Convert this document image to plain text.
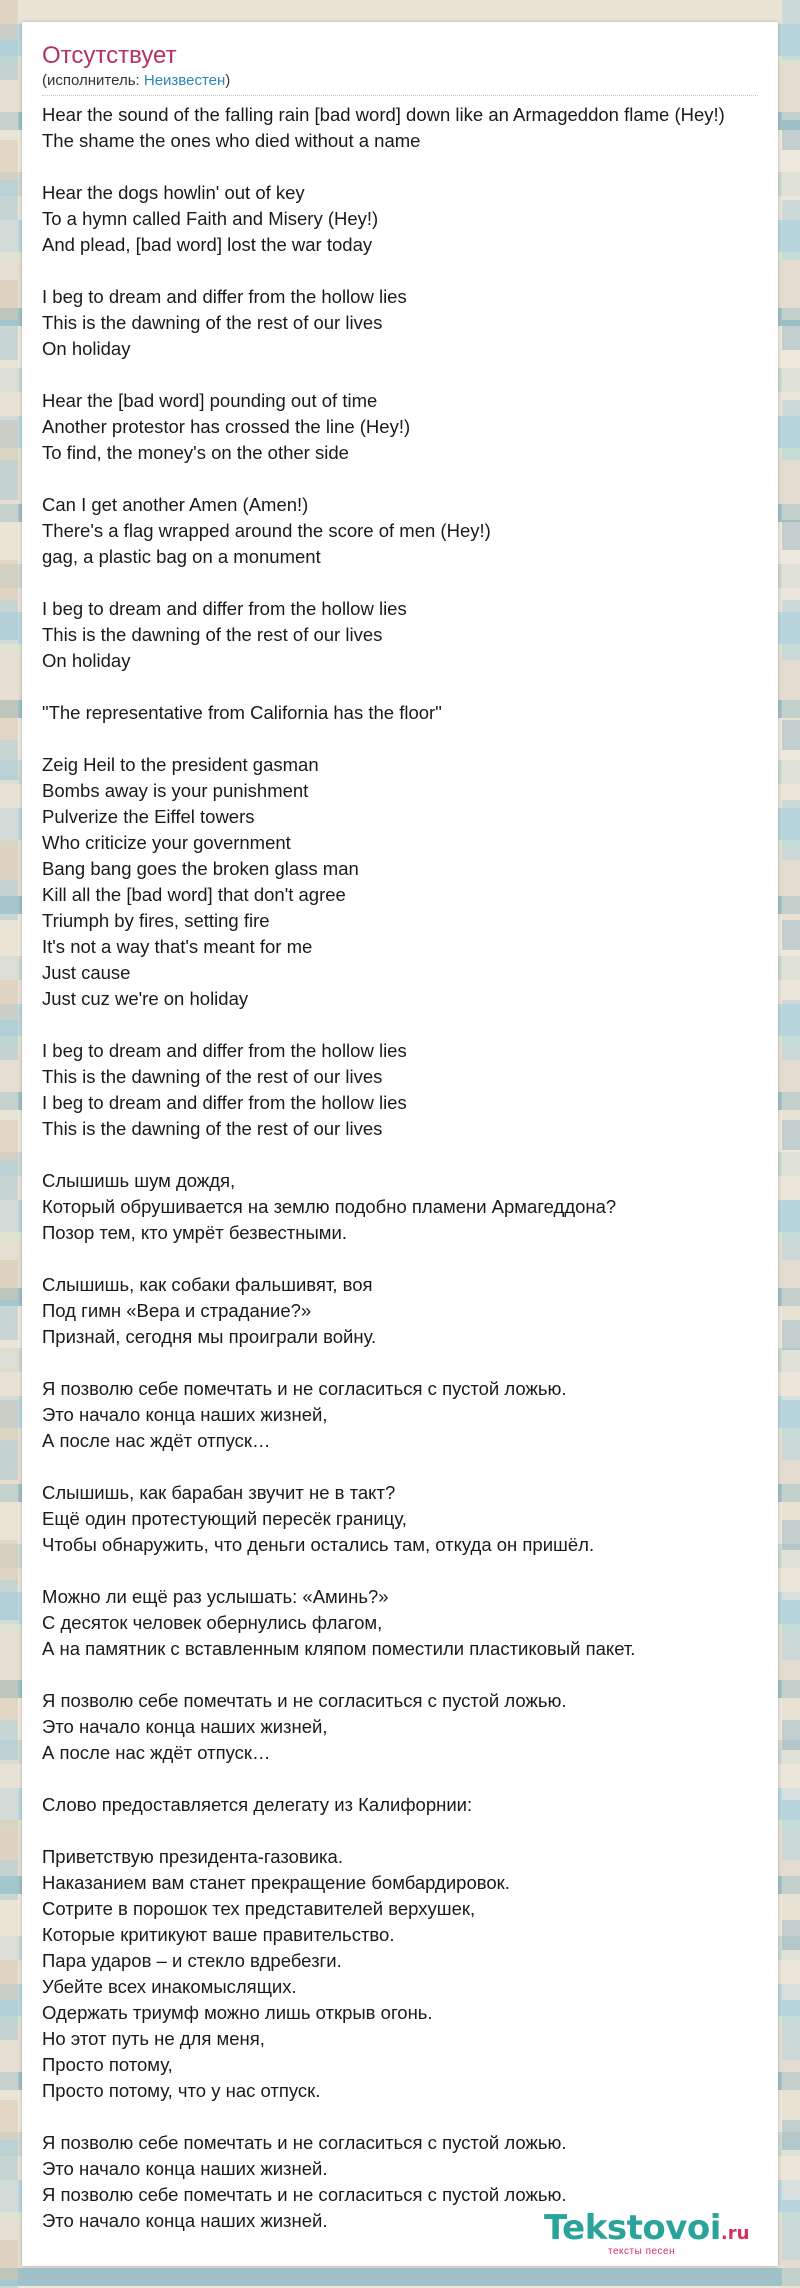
Отсутствует
(исполнитель: Неизвестен)
Hear the sound of the falling rain [bad word] down like an Armageddon flame (Hey!)
The shame the ones who died without a name
Hear the dogs howlin' out of key
To a hymn called Faith and Misery (Hey!)
And plead, [bad word] lost the war today
I beg to dream and differ from the hollow lies
This is the dawning of the rest of our lives
On holiday
Hear the [bad word] pounding out of time
Another protestor has crossed the line (Hey!)
To find, the money's on the other side
Can I get another Amen (Amen!)
There's a flag wrapped around the score of men (Hey!)
gag, a plastic bag on a monument
I beg to dream and differ from the hollow lies
This is the dawning of the rest of our lives
On holiday
"The representative from California has the floor"
Zeig Heil to the president gasman
Bombs away is your punishment
Pulverize the Eiffel towers
Who criticize your government
Bang bang goes the broken glass man
Kill all the [bad word] that don't agree
Triumph by fires, setting fire
It's not a way that's meant for me
Just cause
Just cuz we're on holiday
I beg to dream and differ from the hollow lies
This is the dawning of the rest of our lives
I beg to dream and differ from the hollow lies
This is the dawning of the rest of our lives
Слышишь шум дождя,
Который обрушивается на землю подобно пламени Армагеддона?
Позор тем, кто умрёт безвестными.
Слышишь, как собаки фальшивят, воя
Под гимн «Вера и страдание?»
Признай, сегодня мы проиграли войну.
Я позволю себе помечтать и не согласиться с пустой ложью.
Это начало конца наших жизней,
А после нас ждёт отпуск…
Слышишь, как барабан звучит не в такт?
Ещё один протестующий пересёк границу,
Чтобы обнаружить, что деньги остались там, откуда он пришёл.
Можно ли ещё раз услышать: «Аминь?»
С десяток человек обернулись флагом,
А на памятник с вставленным кляпом поместили пластиковый пакет.
Я позволю себе помечтать и не согласиться с пустой ложью.
Это начало конца наших жизней,
А после нас ждёт отпуск…
Слово предоставляется делегату из Калифорнии:
Приветствую президента-газовика.
Наказанием вам станет прекращение бомбардировок.
Сотрите в порошок тех представителей верхушек,
Которые критикуют ваше правительство.
Пара ударов – и стекло вдребезги.
Убейте всех инакомыслящих.
Одержать триумф можно лишь открыв огонь.
Но этот путь не для меня,
Просто потому,
Просто потому, что у нас отпуск.
Я позволю себе помечтать и не согласиться с пустой ложью.
Это начало конца наших жизней.
Я позволю себе помечтать и не согласиться с пустой ложью.
Это начало конца наших жизней.	Tekstovoi.ru
тексты песен
